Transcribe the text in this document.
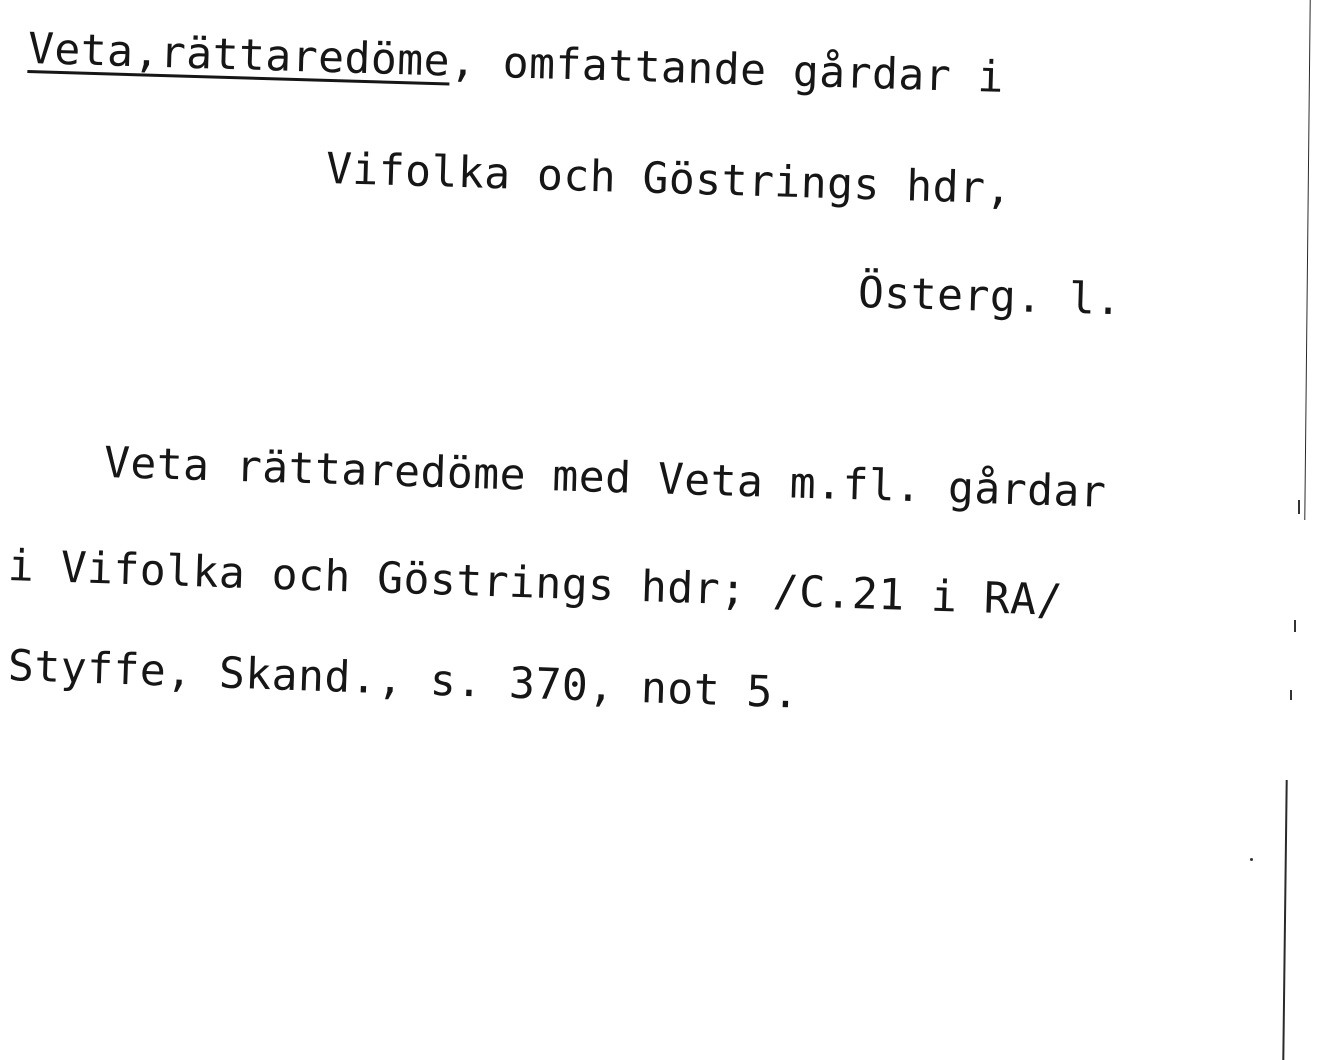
Veta,rättaredöme, omfattande gårdar i
Vifolka och Göstrings hdr,
Österg. l.
Veta rättaredöme med Veta m.fl. gårdar
i Vifolka och Göstrings hdr; /C.21 i RA/
Styffe, Skand., s. 370, not 5.
